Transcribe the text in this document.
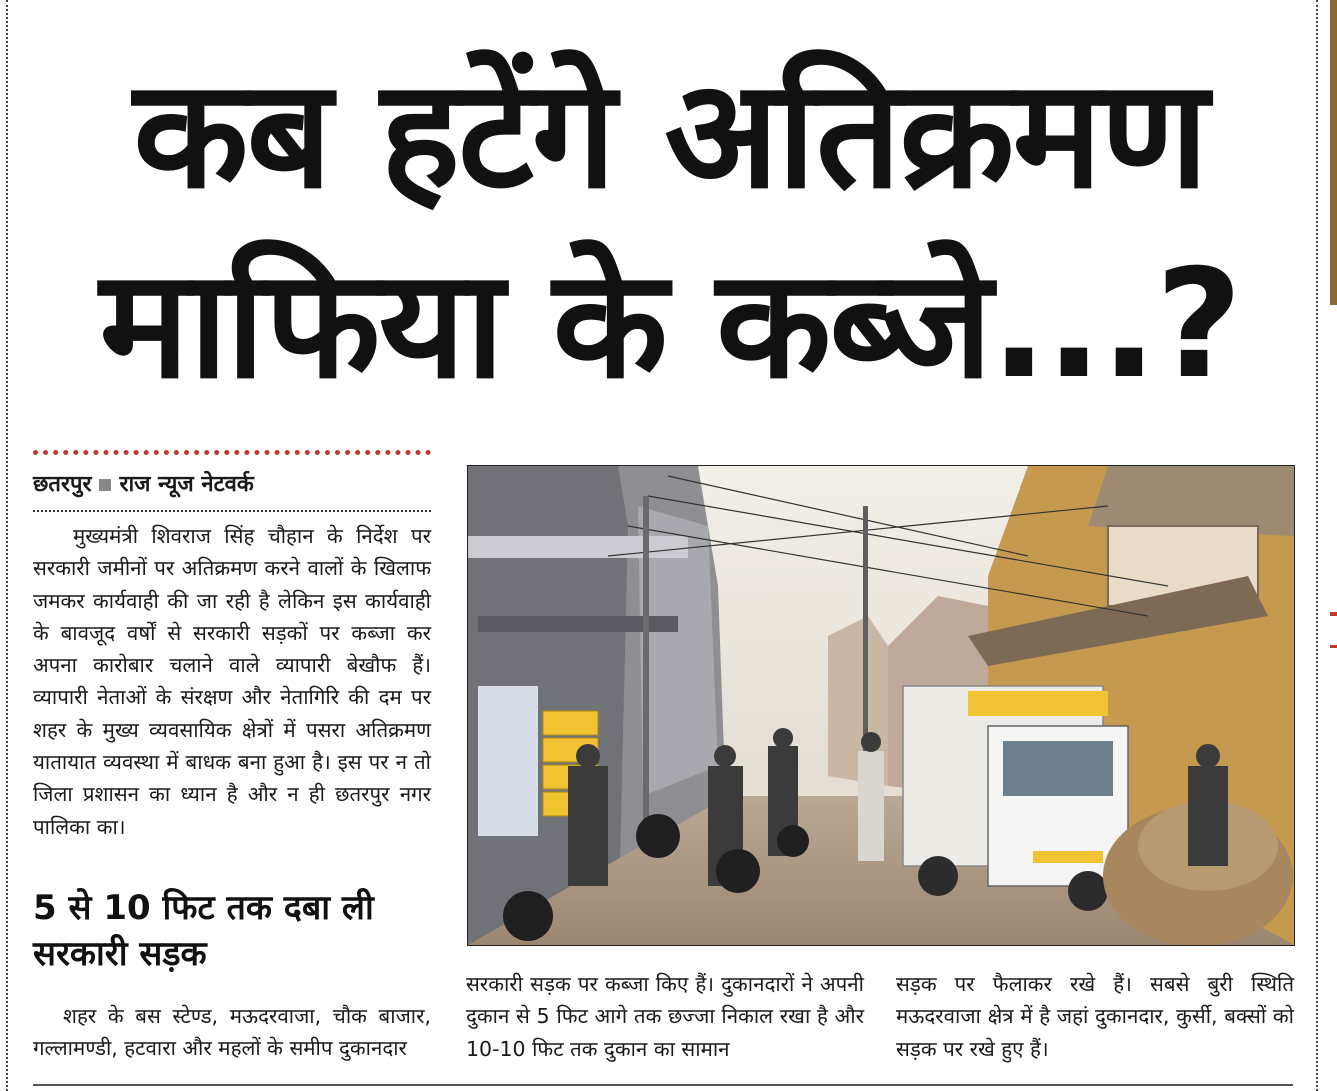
कब हटेंगे अतिक्रमण
माफिया के कब्जे...?
छतरपुर राज न्यूज नेटवर्क

मुख्यमंत्री शिवराज सिंह चौहान के निर्देश पर सरकारी जमीनों पर अतिक्रमण करने वालों के खिलाफ जमकर कार्यवाही की जा रही है लेकिन इस कार्यवाही के बावजूद वर्षों से सरकारी सड़कों पर कब्जा कर अपना कारोबार चलाने वाले व्यापारी बेखौफ हैं। व्यापारी नेताओं के संरक्षण और नेतागिरि की दम पर शहर के मुख्य व्यवसायिक क्षेत्रों में पसरा अतिक्रमण यातायात व्यवस्था में बाधक बना हुआ है। इस पर न तो जिला प्रशासन का ध्यान है और न ही छतरपुर नगर पालिका का।

5 से 10 फिट तक दबा ली सरकारी सड़क

शहर के बस स्टेण्ड, मऊदरवाजा, चौक बाजार, गल्लामण्डी, हटवारा और महलों के समीप दुकानदार

सरकारी सड़क पर कब्जा किए हैं। दुकानदारों ने अपनी दुकान से 5 फिट आगे तक छज्जा निकाल रखा है और 10-10 फिट तक दुकान का सामान

सड़क पर फैलाकर रखे हैं। सबसे बुरी स्थिति मऊदरवाजा क्षेत्र में है जहां दुकानदार, कुर्सी, बक्सों को सड़क पर रखे हुए हैं।
